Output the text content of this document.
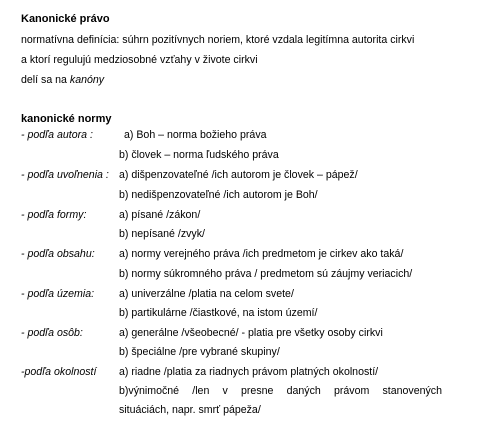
Kanonické právo
normatívna definícia: súhrn pozitívnych noriem, ktoré vzdala legitímna autorita cirkvi
a ktorí regulujú medziosobné vzťahy v živote cirkvi
delí sa na kanóny
kanonické normy
- podľa autora :	a) Boh – norma božieho práva
b) človek – norma ľudského práva
- podľa uvoľnenia : a) dišpenzovateľné /ich autorom je človek – pápež/
b) nedišpenzovateľné /ich autorom je Boh/
- podľa formy:	a) písané /zákon/
b) nepísané /zvyk/
- podľa obsahu: a) normy verejného práva /ich predmetom je cirkev ako taká/
b) normy súkromného práva / predmetom sú záujmy veriacich/
- podľa územia: a) univerzálne /platia na celom svete/
b) partikulárne /čiastkové, na istom území/
- podľa osôb:	a) generálne /všeobecné/ - platia pre všetky osoby cirkvi
b) špeciálne /pre vybrané skupiny/
-podľa okolností a) riadne /platia za riadnych právom platných okolností/
b)výnimočné /len v presne daných právom stanovených
situáciách, napr. smrť pápeža/
